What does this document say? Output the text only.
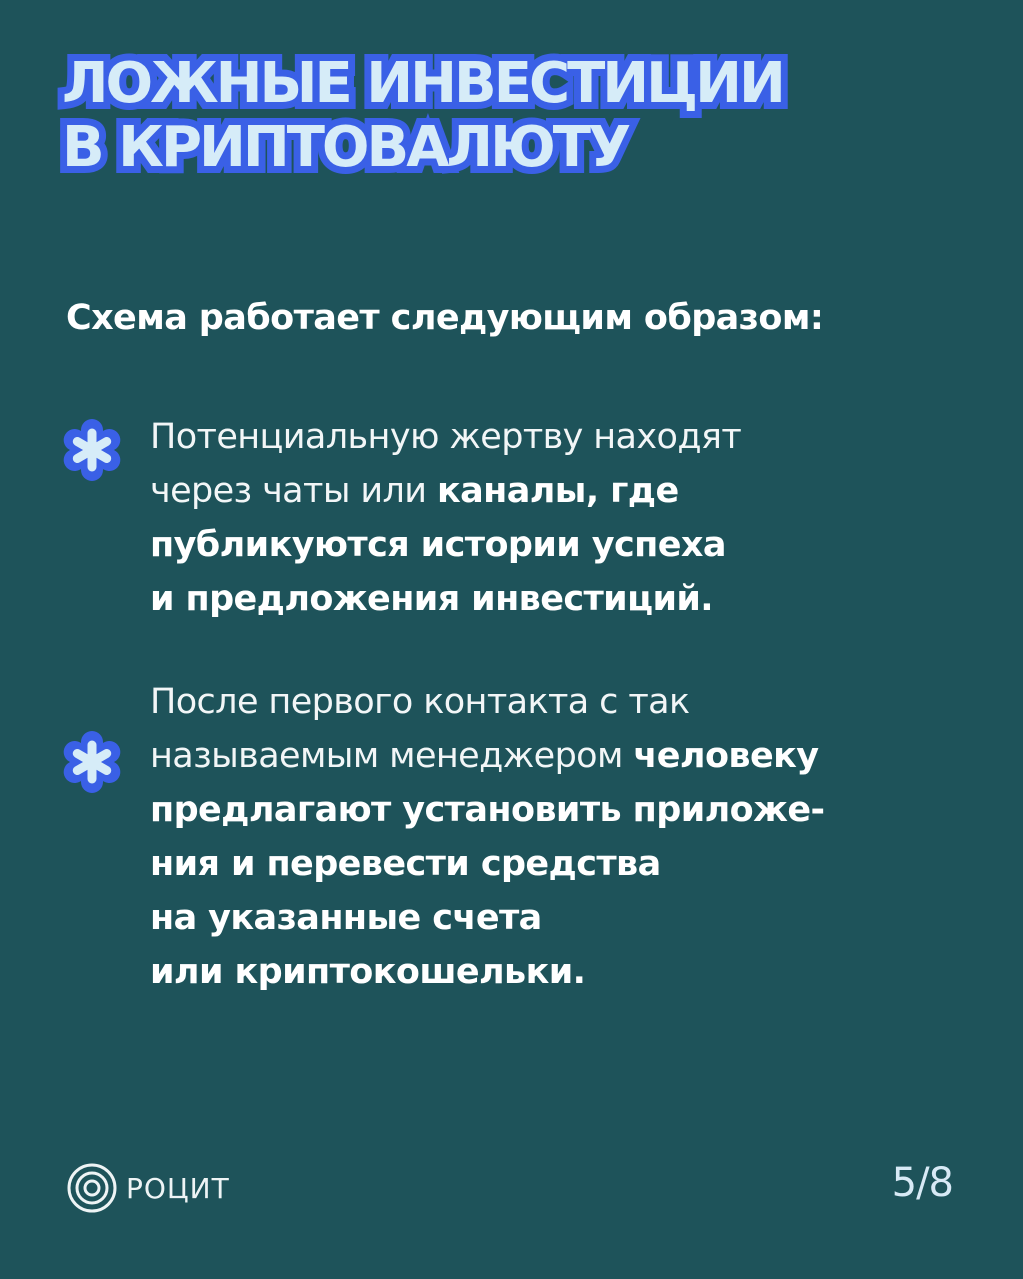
ЛОЖНЫЕ ИНВЕСТИЦИИ
В КРИПТОВАЛЮТУ

Схема работает следующим образом:

Потенциальную жертву находят
через чаты или каналы, где
публикуются истории успеха
и предложения инвестиций.
После первого контакта с так
называемым менеджером человеку
предлагают установить приложе-
ния и перевести средства
на указанные счета
или криптокошельки.
РОЦИТ	5/8
